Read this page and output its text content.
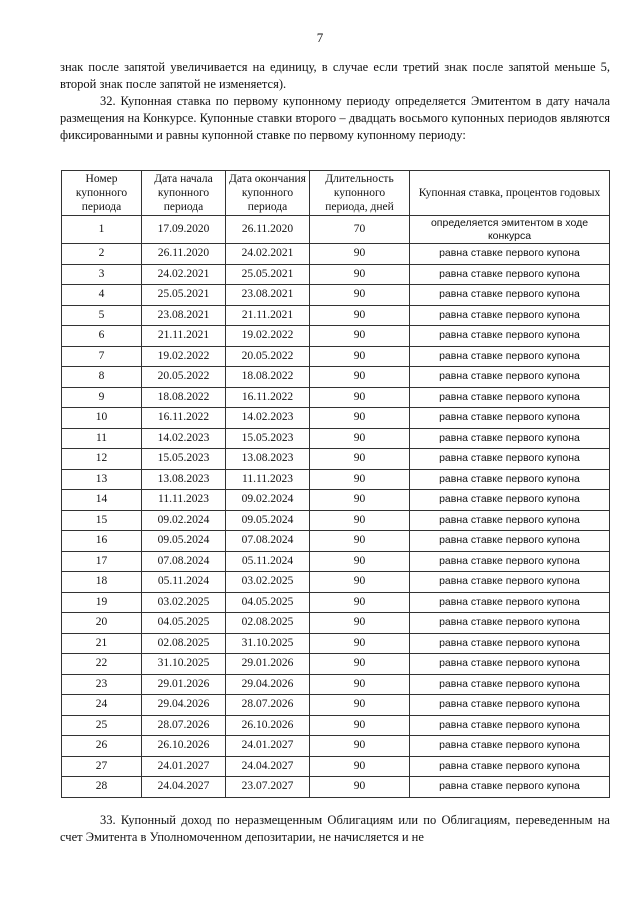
7

знак после запятой увеличивается на единицу, в случае если третий знак после запятой меньше 5, второй знак после запятой не изменяется).

32. Купонная ставка по первому купонному периоду определяется Эмитентом в дату начала размещения на Конкурсе. Купонные ставки второго – двадцать восьмого купонных периодов являются фиксированными и равны купонной ставке по первому купонному периоду:

Номер купонного периода	Дата начала купонного периода	Дата окончания купонного периода	Длительность купонного периода, дней	Купонная ставка, процентов годовых
1	17.09.2020	26.11.2020	70	определяется эмитентом в ходе конкурса
2	26.11.2020	24.02.2021	90	равна ставке первого купона
3	24.02.2021	25.05.2021	90	равна ставке первого купона
4	25.05.2021	23.08.2021	90	равна ставке первого купона
5	23.08.2021	21.11.2021	90	равна ставке первого купона
6	21.11.2021	19.02.2022	90	равна ставке первого купона
7	19.02.2022	20.05.2022	90	равна ставке первого купона
8	20.05.2022	18.08.2022	90	равна ставке первого купона
9	18.08.2022	16.11.2022	90	равна ставке первого купона
10	16.11.2022	14.02.2023	90	равна ставке первого купона
11	14.02.2023	15.05.2023	90	равна ставке первого купона
12	15.05.2023	13.08.2023	90	равна ставке первого купона
13	13.08.2023	11.11.2023	90	равна ставке первого купона
14	11.11.2023	09.02.2024	90	равна ставке первого купона
15	09.02.2024	09.05.2024	90	равна ставке первого купона
16	09.05.2024	07.08.2024	90	равна ставке первого купона
17	07.08.2024	05.11.2024	90	равна ставке первого купона
18	05.11.2024	03.02.2025	90	равна ставке первого купона
19	03.02.2025	04.05.2025	90	равна ставке первого купона
20	04.05.2025	02.08.2025	90	равна ставке первого купона
21	02.08.2025	31.10.2025	90	равна ставке первого купона
22	31.10.2025	29.01.2026	90	равна ставке первого купона
23	29.01.2026	29.04.2026	90	равна ставке первого купона
24	29.04.2026	28.07.2026	90	равна ставке первого купона
25	28.07.2026	26.10.2026	90	равна ставке первого купона
26	26.10.2026	24.01.2027	90	равна ставке первого купона
27	24.01.2027	24.04.2027	90	равна ставке первого купона
28	24.04.2027	23.07.2027	90	равна ставке первого купона

33. Купонный доход по неразмещенным Облигациям или по Облигациям, переведенным на счет Эмитента в Уполномоченном депозитарии, не начисляется и не
